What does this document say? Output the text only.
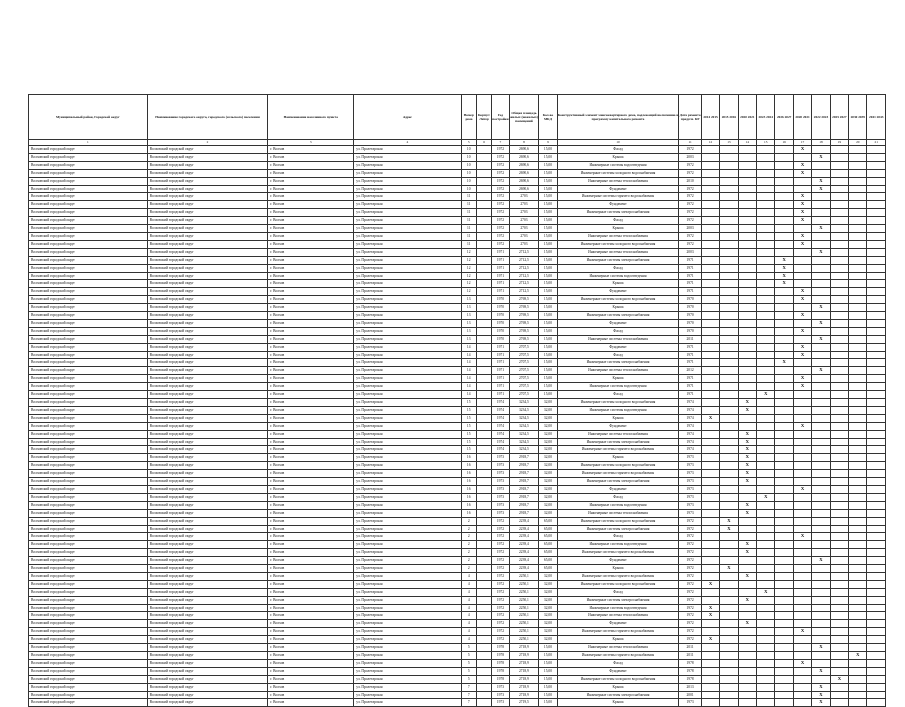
Муниципальный район, Городской округ	Наименование городского округа, городского (сельского) поселения	Наименование населенного пункта	Адрес	Номер дома	Корпус/ Литер	Год постройки	Общая площадь жилых (нежилых) помещений	Кол-во МКД	Конструктивный элемент многоквартирного дома, подлежащий включению в программу капитального ремонта	Дата ремонта предусм. КР	2014 2015	2015 2016	2020 2021	2023 2024	2026 2027	2020 2021	2022 2023	2025 2027	2030 2039	2041 2043
1	2	3	4	5	6	7	8	9	10	11	12	13	14	15	16	17	18	19	20	21
Волховский городской округ	Волховский городской округ	г. Волхов	ул. Пролетарская	10		1972	2690,6	15,00	Фасад	1972						X				
Волховский городской округ	Волховский городской округ	г. Волхов	ул. Пролетарская	10		1972	2690,6	15,00	Крыша	2003							X			
Волховский городской округ	Волховский городской округ	г. Волхов	ул. Пролетарская	10		1972	2690,6	15,00	Инженерные системы водоотведения	1972						X				
Волховский городской округ	Волховский городской округ	г. Волхов	ул. Пролетарская	10		1972	2690,6	15,00	Инженерные системы холодного водоснабжения	1972						X				
Волховский городской округ	Волховский городской округ	г. Волхов	ул. Пролетарская	10		1972	2690,6	15,00	Инженерные системы теплоснабжения	2010							X			
Волховский городской округ	Волховский городской округ	г. Волхов	ул. Пролетарская	10		1972	2690,6	15,00	Фундамент	1972							X			
Волховский городской округ	Волховский городской округ	г. Волхов	ул. Пролетарская	11		1972	2703	15,00	Инженерные системы горячего водоснабжения	1972						X				
Волховский городской округ	Волховский городской округ	г. Волхов	ул. Пролетарская	11		1972	2703	15,00	Фундамент	1972						X				
Волховский городской округ	Волховский городской округ	г. Волхов	ул. Пролетарская	11		1972	2703	15,00	Инженерные системы электроснабжения	1972						X				
Волховский городской округ	Волховский городской округ	г. Волхов	ул. Пролетарская	11		1972	2703	15,00	Фасад	1972						X				
Волховский городской округ	Волховский городской округ	г. Волхов	ул. Пролетарская	11		1972	2703	15,00	Крыша	2003							X			
Волховский городской округ	Волховский городской округ	г. Волхов	ул. Пролетарская	11		1972	2703	15,00	Инженерные системы теплоснабжения	1972						X				
Волховский городской округ	Волховский городской округ	г. Волхов	ул. Пролетарская	11		1972	2703	15,00	Инженерные системы холодного водоснабжения	1972						X				
Волховский городской округ	Волховский городской округ	г. Волхов	ул. Пролетарская	12		1971	2712,5	15,00	Инженерные системы теплоснабжения	2003							X			
Волховский городской округ	Волховский городской округ	г. Волхов	ул. Пролетарская	12		1971	2712,5	15,00	Инженерные системы электроснабжения	1971					X					
Волховский городской округ	Волховский городской округ	г. Волхов	ул. Пролетарская	12		1971	2712,5	15,00	Фасад	1971					X					
Волховский городской округ	Волховский городской округ	г. Волхов	ул. Пролетарская	12		1971	2712,5	15,00	Инженерные системы водоотведения	1971					X					
Волховский городской округ	Волховский городской округ	г. Волхов	ул. Пролетарская	12		1971	2712,5	15,00	Крыша	1971					X					
Волховский городской округ	Волховский городской округ	г. Волхов	ул. Пролетарская	12		1971	2712,5	15,00	Фундамент	1971						X				
Волховский городской округ	Волховский городской округ	г. Волхов	ул. Пролетарская	13		1970	2769,5	15,00	Инженерные системы холодного водоснабжения	1970						X				
Волховский городской округ	Волховский городской округ	г. Волхов	ул. Пролетарская	13		1970	2769,5	15,00	Крыша	1970							X			
Волховский городской округ	Волховский городской округ	г. Волхов	ул. Пролетарская	13		1970	2769,5	15,00	Инженерные системы электроснабжения	1970						X				
Волховский городской округ	Волховский городской округ	г. Волхов	ул. Пролетарская	13		1970	2769,5	15,00	Фундамент	1970							X			
Волховский городской округ	Волховский городской округ	г. Волхов	ул. Пролетарская	13		1970	2769,5	15,00	Фасад	1970						X				
Волховский городской округ	Волховский городской округ	г. Волхов	ул. Пролетарская	13		1970	2769,5	15,00	Инженерные системы теплоснабжения	2011							X			
Волховский городской округ	Волховский городской округ	г. Волхов	ул. Пролетарская	14		1971	2707,5	15,00	Фундамент	1971						X				
Волховский городской округ	Волховский городской округ	г. Волхов	ул. Пролетарская	14		1971	2707,5	15,00	Фасад	1971						X				
Волховский городской округ	Волховский городской округ	г. Волхов	ул. Пролетарская	14		1971	2707,5	15,00	Инженерные системы электроснабжения	1971					X					
Волховский городской округ	Волховский городской округ	г. Волхов	ул. Пролетарская	14		1971	2707,5	15,00	Инженерные системы теплоснабжения	2012							X			
Волховский городской округ	Волховский городской округ	г. Волхов	ул. Пролетарская	14		1971	2707,5	15,00	Крыша	1971						X				
Волховский городской округ	Волховский городской округ	г. Волхов	ул. Пролетарская	14		1971	2707,5	15,00	Инженерные системы водоотведения	1971						X				
Волховский городской округ	Волховский городской округ	г. Волхов	ул. Пролетарская	14		1971	2707,5	15,00	Фасад	1971				X						
Волховский городской округ	Волховский городской округ	г. Волхов	ул. Пролетарская	15		1974	3234,5	32,00	Инженерные системы холодного водоснабжения	1974			X							
Волховский городской округ	Волховский городской округ	г. Волхов	ул. Пролетарская	15		1974	3234,5	32,00	Инженерные системы водоотведения	1974			X							
Волховский городской округ	Волховский городской округ	г. Волхов	ул. Пролетарская	15		1974	3234,5	32,00	Крыша	1974	X									
Волховский городской округ	Волховский городской округ	г. Волхов	ул. Пролетарская	15		1974	3234,5	32,00	Фундамент	1974						X				
Волховский городской округ	Волховский городской округ	г. Волхов	ул. Пролетарская	15		1974	3234,5	32,00	Инженерные системы теплоснабжения	1974			X							
Волховский городской округ	Волховский городской округ	г. Волхов	ул. Пролетарская	15		1974	3234,5	32,00	Инженерные системы электроснабжения	1974			X							
Волховский городской округ	Волховский городской округ	г. Волхов	ул. Пролетарская	15		1974	3234,5	32,00	Инженерные системы горячего водоснабжения	1974			X							
Волховский городской округ	Волховский городской округ	г. Волхов	ул. Пролетарская	16		1973	2918,7	32,00	Крыша	1973			X							
Волховский городской округ	Волховский городской округ	г. Волхов	ул. Пролетарская	16		1973	2918,7	32,00	Инженерные системы холодного водоснабжения	1973			X							
Волховский городской округ	Волховский городской округ	г. Волхов	ул. Пролетарская	16		1973	2918,7	32,00	Инженерные системы горячего водоснабжения	1973			X							
Волховский городской округ	Волховский городской округ	г. Волхов	ул. Пролетарская	16		1973	2918,7	32,00	Инженерные системы электроснабжения	1973			X							
Волховский городской округ	Волховский городской округ	г. Волхов	ул. Пролетарская	16		1973	2918,7	32,00	Фундамент	1973						X				
Волховский городской округ	Волховский городской округ	г. Волхов	ул. Пролетарская	16		1973	2918,7	32,00	Фасад	1973				X						
Волховский городской округ	Волховский городской округ	г. Волхов	ул. Пролетарская	16		1973	2918,7	32,00	Инженерные системы водоотведения	1973			X							
Волховский городской округ	Волховский городской округ	г. Волхов	ул. Пролетарская	16		1973	2918,7	32,00	Инженерные системы теплоснабжения	1973			X							
Волховский городской округ	Волховский городской округ	г. Волхов	ул. Пролетарская	2		1972	2239,4	65,00	Инженерные системы холодного водоснабжения	1972		X								
Волховский городской округ	Волховский городской округ	г. Волхов	ул. Пролетарская	2		1972	2239,4	65,00	Инженерные системы электроснабжения	1972		X								
Волховский городской округ	Волховский городской округ	г. Волхов	ул. Пролетарская	2		1972	2239,4	65,00	Фасад	1972						X				
Волховский городской округ	Волховский городской округ	г. Волхов	ул. Пролетарская	2		1972	2239,4	65,00	Инженерные системы водоотведения	1972			X							
Волховский городской округ	Волховский городской округ	г. Волхов	ул. Пролетарская	2		1972	2239,4	65,00	Инженерные системы горячего водоснабжения	1972			X							
Волховский городской округ	Волховский городской округ	г. Волхов	ул. Пролетарская	2		1972	2239,4	65,00	Фундамент	1972							X			
Волховский городской округ	Волховский городской округ	г. Волхов	ул. Пролетарская	2		1972	2239,4	65,00	Крыша	1972		X								
Волховский городской округ	Волховский городской округ	г. Волхов	ул. Пролетарская	4		1972	2250,1	32,00	Инженерные системы горячего водоснабжения	1972			X							
Волховский городской округ	Волховский городской округ	г. Волхов	ул. Пролетарская	4		1972	2250,1	32,00	Инженерные системы холодного водоснабжения	1972	X									
Волховский городской округ	Волховский городской округ	г. Волхов	ул. Пролетарская	4		1972	2250,1	32,00	Фасад	1972				X						
Волховский городской округ	Волховский городской округ	г. Волхов	ул. Пролетарская	4		1972	2250,1	32,00	Инженерные системы электроснабжения	1972			X							
Волховский городской округ	Волховский городской округ	г. Волхов	ул. Пролетарская	4		1972	2250,1	32,00	Инженерные системы водоотведения	1972	X									
Волховский городской округ	Волховский городской округ	г. Волхов	ул. Пролетарская	4		1972	2250,1	32,00	Инженерные системы теплоснабжения	1972	X									
Волховский городской округ	Волховский городской округ	г. Волхов	ул. Пролетарская	4		1972	2250,1	32,00	Фундамент	1972			X							
Волховский городской округ	Волховский городской округ	г. Волхов	ул. Пролетарская	4		1972	2250,1	32,00	Инженерные системы горячего водоснабжения	1972						X				
Волховский городской округ	Волховский городской округ	г. Волхов	ул. Пролетарская	4		1972	2250,1	32,00	Крыша	1972	X									
Волховский городской округ	Волховский городской округ	г. Волхов	ул. Пролетарская	5		1978	2718,9	15,00	Инженерные системы теплоснабжения	2011							X			
Волховский городской округ	Волховский городской округ	г. Волхов	ул. Пролетарская	5		1978	2718,9	15,00	Инженерные системы горячего водоснабжения	2011									X	
Волховский городской округ	Волховский городской округ	г. Волхов	ул. Пролетарская	5		1978	2718,9	15,00	Фасад	1978						X				
Волховский городской округ	Волховский городской округ	г. Волхов	ул. Пролетарская	5		1978	2718,9	15,00	Фундамент	1978							X			
Волховский городской округ	Волховский городской округ	г. Волхов	ул. Пролетарская	5		1978	2718,9	15,00	Инженерные системы холодного водоснабжения	1978								X		
Волховский городской округ	Волховский городской округ	г. Волхов	ул. Пролетарская	7		1973	2718,9	15,00	Крыша	2013							X			
Волховский городской округ	Волховский городской округ	г. Волхов	ул. Пролетарская	7		1973	2718,9	15,00	Инженерные системы электроснабжения	2001							X			
Волховский городской округ	Волховский городской округ	г. Волхов	ул. Пролетарская	7		1973	2719,5	15,00	Крыша	1973							X			
